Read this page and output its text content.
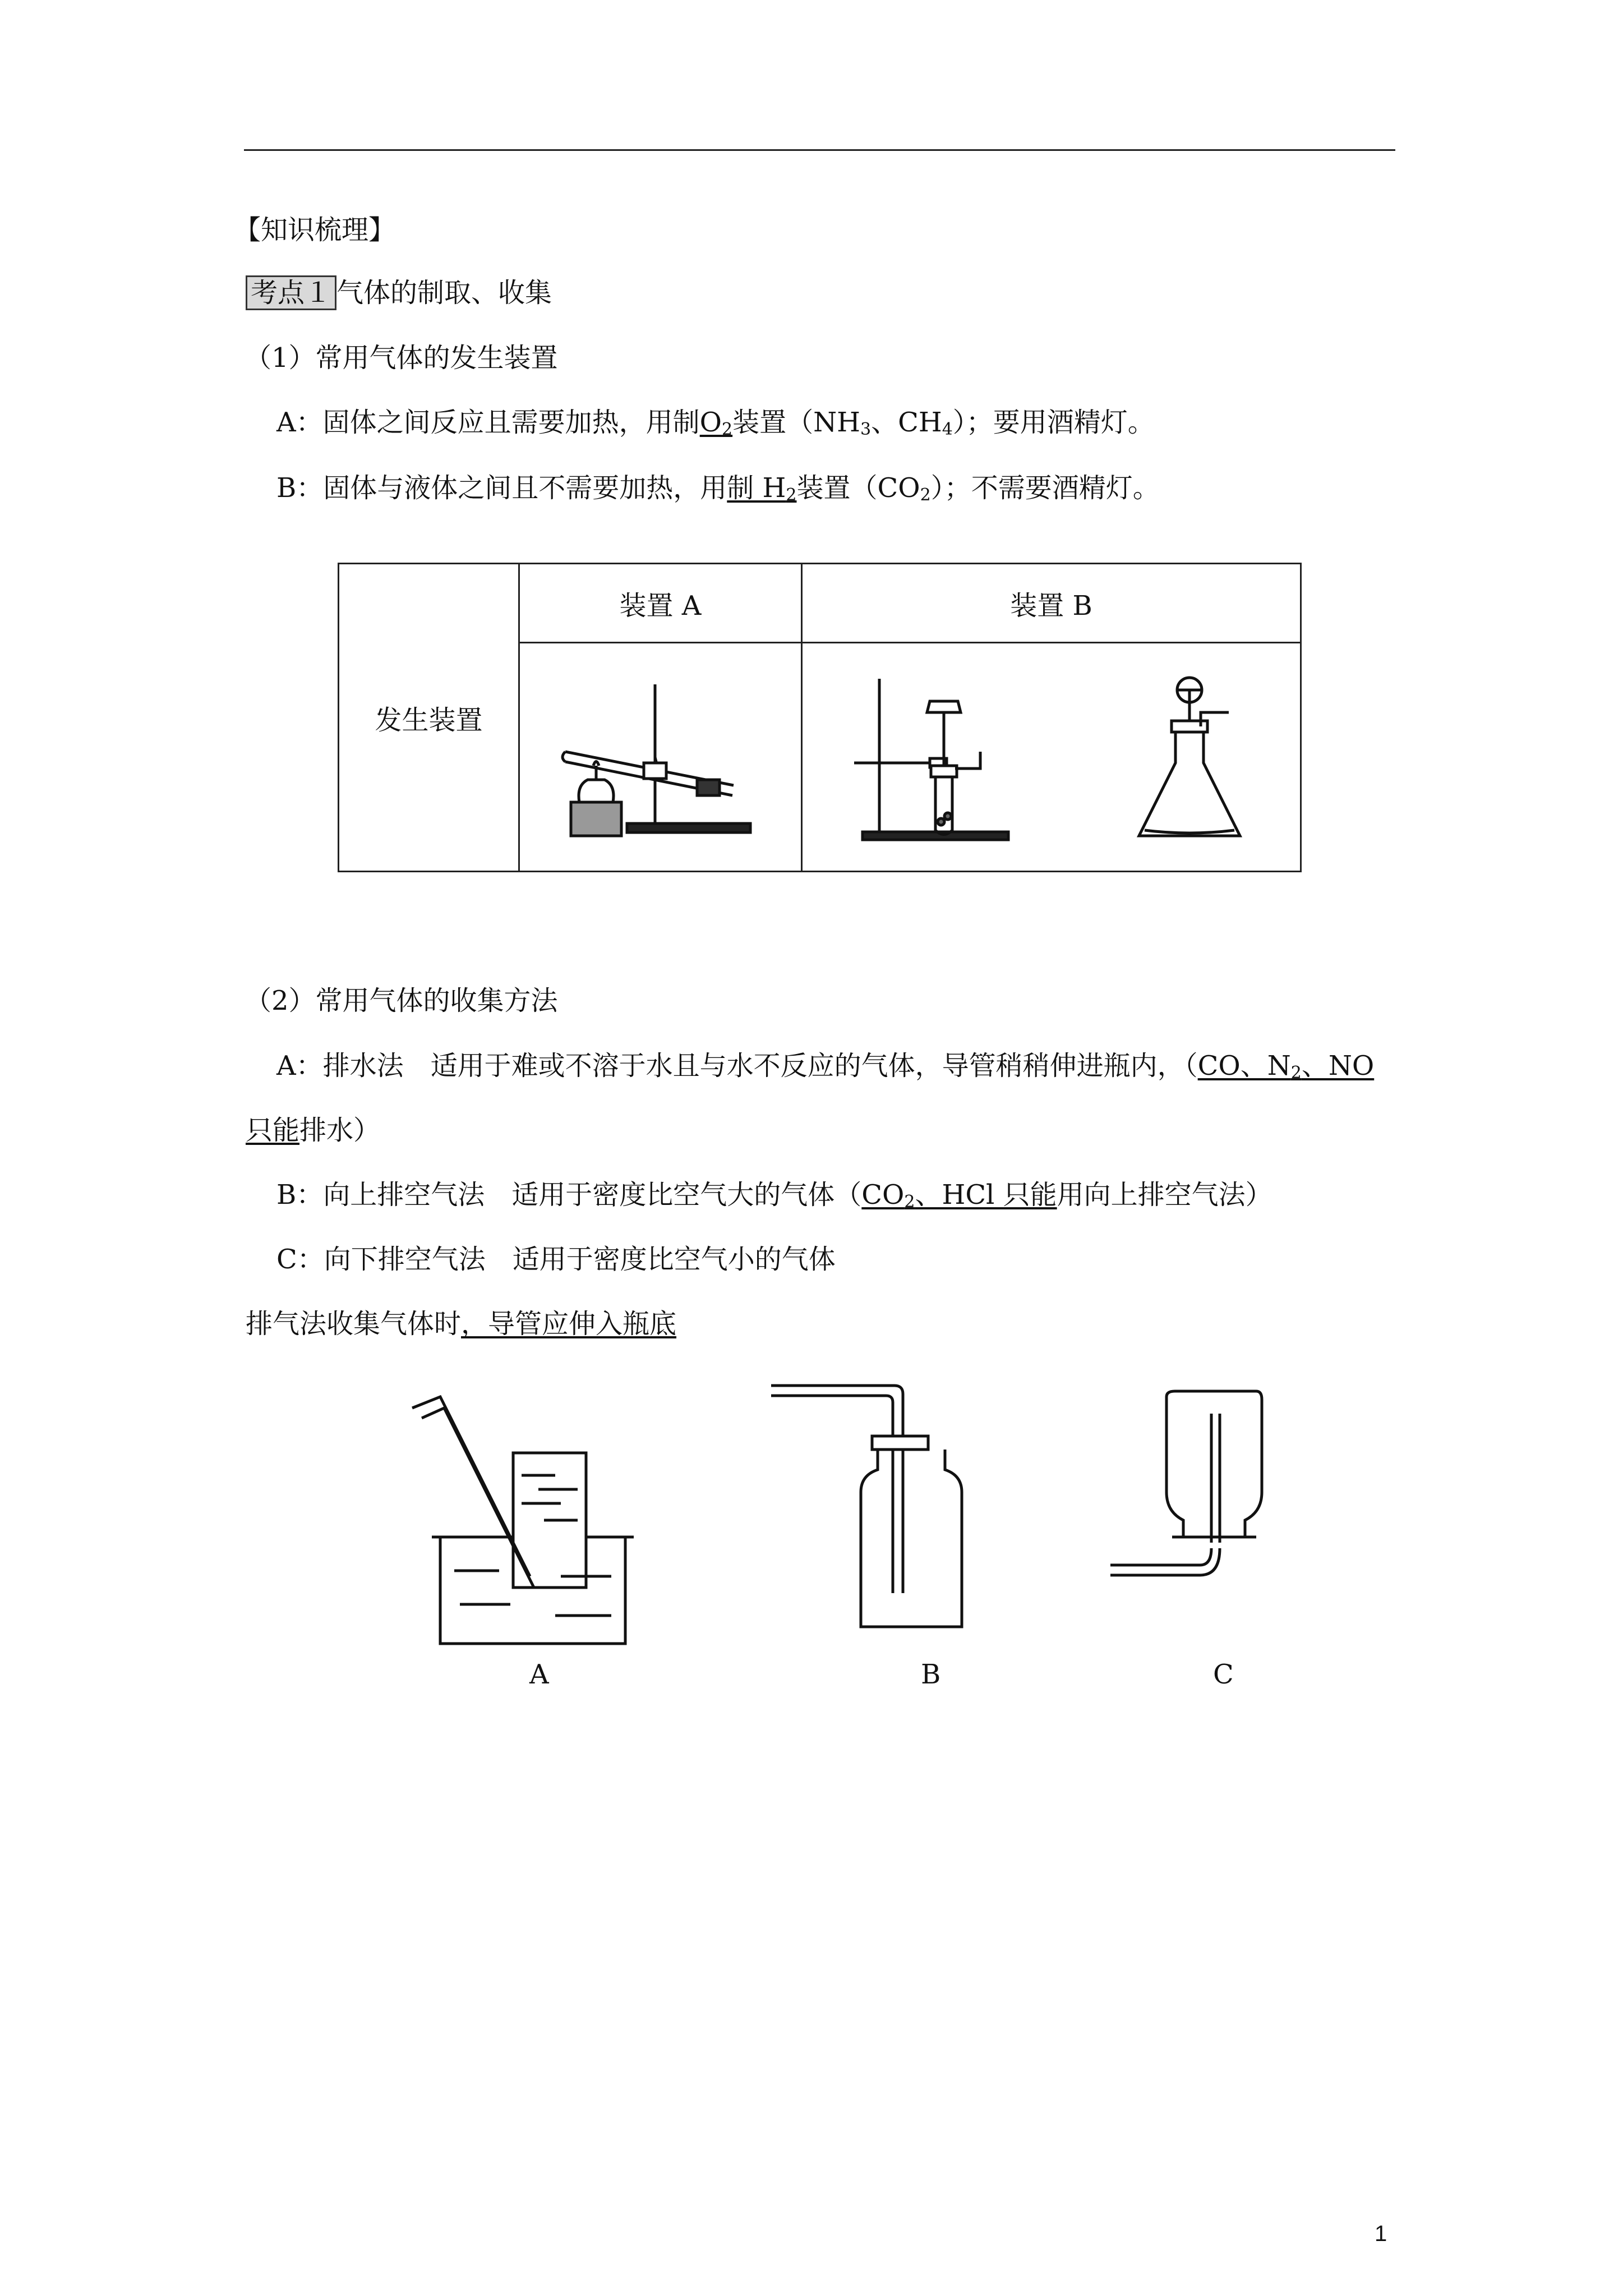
【知识梳理】
考点１ 气体的制取、收集
（1）常用气体的发生装置
A：固体之间反应且需要加热，用制$O_2$装置（$NH_3$、$CH_4$）；要用酒精灯。
B：固体与液体之间且不需要加热，用制 $H_2$装置$(CO_2)$；不需要酒精灯。
发生装置	装置 A	装置 B

（2）常用气体的收集方法
A：排水法　适用于难或不溶于水且与水不反应的气体，导管稍稍伸进瓶内，（CO、$N_2$、NO
只能排水）
B：向上排空气法　适用于密度比空气大的气体（$CO_2$、HCl 只能用向上排空气法）
C：向下排空气法　适用于密度比空气小的气体
排气法收集气体时，导管应伸入瓶底
A	B	C
1
